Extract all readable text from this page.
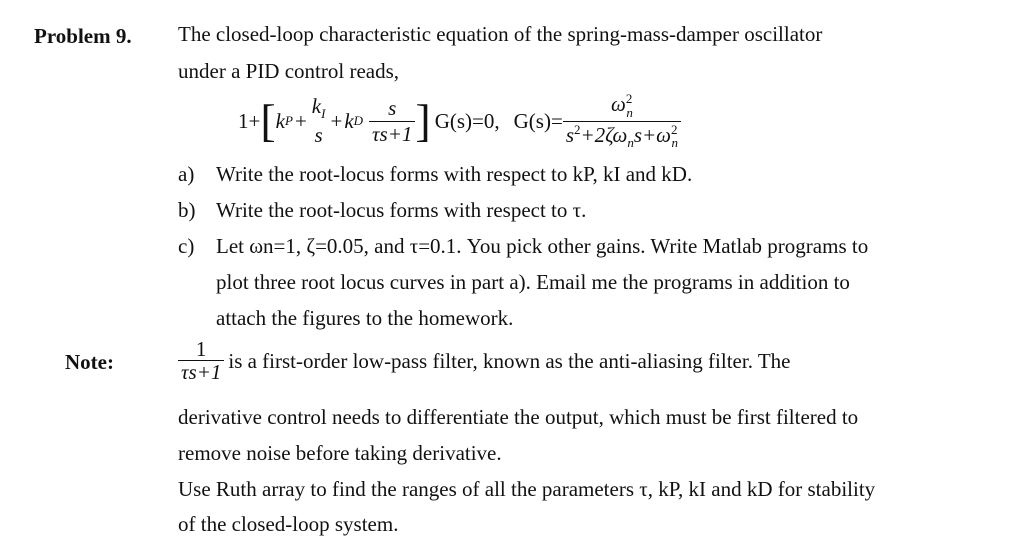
Problem 9. The closed-loop characteristic equation of the spring-mass-damper oscillator
under a PID control reads,
1+ [ k P +
$k_I$
s
+ k D $\frac{s}{\tau s+1}$ ] G(s)=0, $G(s)= \frac{\omega^2_n}{s^2+2\zeta\omega_ns+\omega^2_n}$
a) Write the root-locus forms with respect to kP, kI and kD.
b) Write the root-locus forms with respect to τ.
c) Let ωn=1, ζ=0.05, and τ=0.1. You pick other gains. Write Matlab programs to
plot three root locus curves in part a). Email me the programs in addition to
attach the figures to the homework.
Note:	$\frac{1}{\tau s+1}$ is a first-order low-pass filter, known as the anti-aliasing filter. The
derivative control needs to differentiate the output, which must be first filtered to
remove noise before taking derivative.
Use Ruth array to find the ranges of all the parameters τ, kP, kI and kD for stability
of the closed-loop system.
